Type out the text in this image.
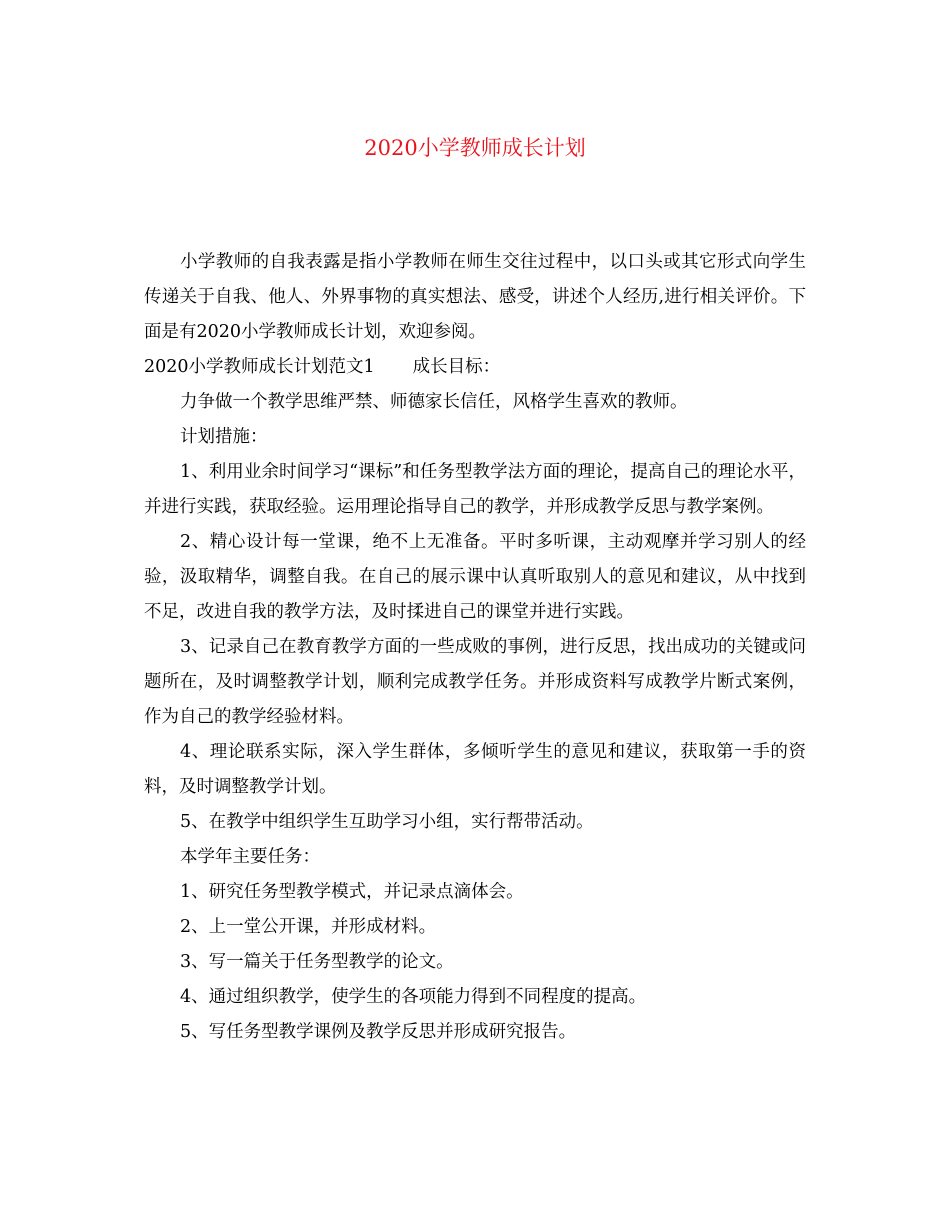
2020小学教师成长计划

小学教师的自我表露是指小学教师在师生交往过程中，以口头或其它形式向学生传递关于自我、他人、外界事物的真实想法、感受，讲述个人经历,进行相关评价。下面是有2020小学教师成长计划，欢迎参阅。

2020小学教师成长计划范文1 成长目标：

力争做一个教学思维严禁、师德家长信任，风格学生喜欢的教师。

计划措施：

1、利用业余时间学习“课标”和任务型教学法方面的理论，提高自己的理论水平，并进行实践，获取经验。运用理论指导自己的教学，并形成教学反思与教学案例。

2、精心设计每一堂课，绝不上无准备。平时多听课，主动观摩并学习别人的经验，汲取精华，调整自我。在自己的展示课中认真听取别人的意见和建议，从中找到不足，改进自我的教学方法，及时揉进自己的课堂并进行实践。

3、记录自己在教育教学方面的一些成败的事例，进行反思，找出成功的关键或问题所在，及时调整教学计划，顺利完成教学任务。并形成资料写成教学片断式案例，作为自己的教学经验材料。

4、理论联系实际，深入学生群体，多倾听学生的意见和建议，获取第一手的资料，及时调整教学计划。

5、在教学中组织学生互助学习小组，实行帮带活动。

本学年主要任务：

1、研究任务型教学模式，并记录点滴体会。

2、上一堂公开课，并形成材料。

3、写一篇关于任务型教学的论文。

4、通过组织教学，使学生的各项能力得到不同程度的提高。

5、写任务型教学课例及教学反思并形成研究报告。
